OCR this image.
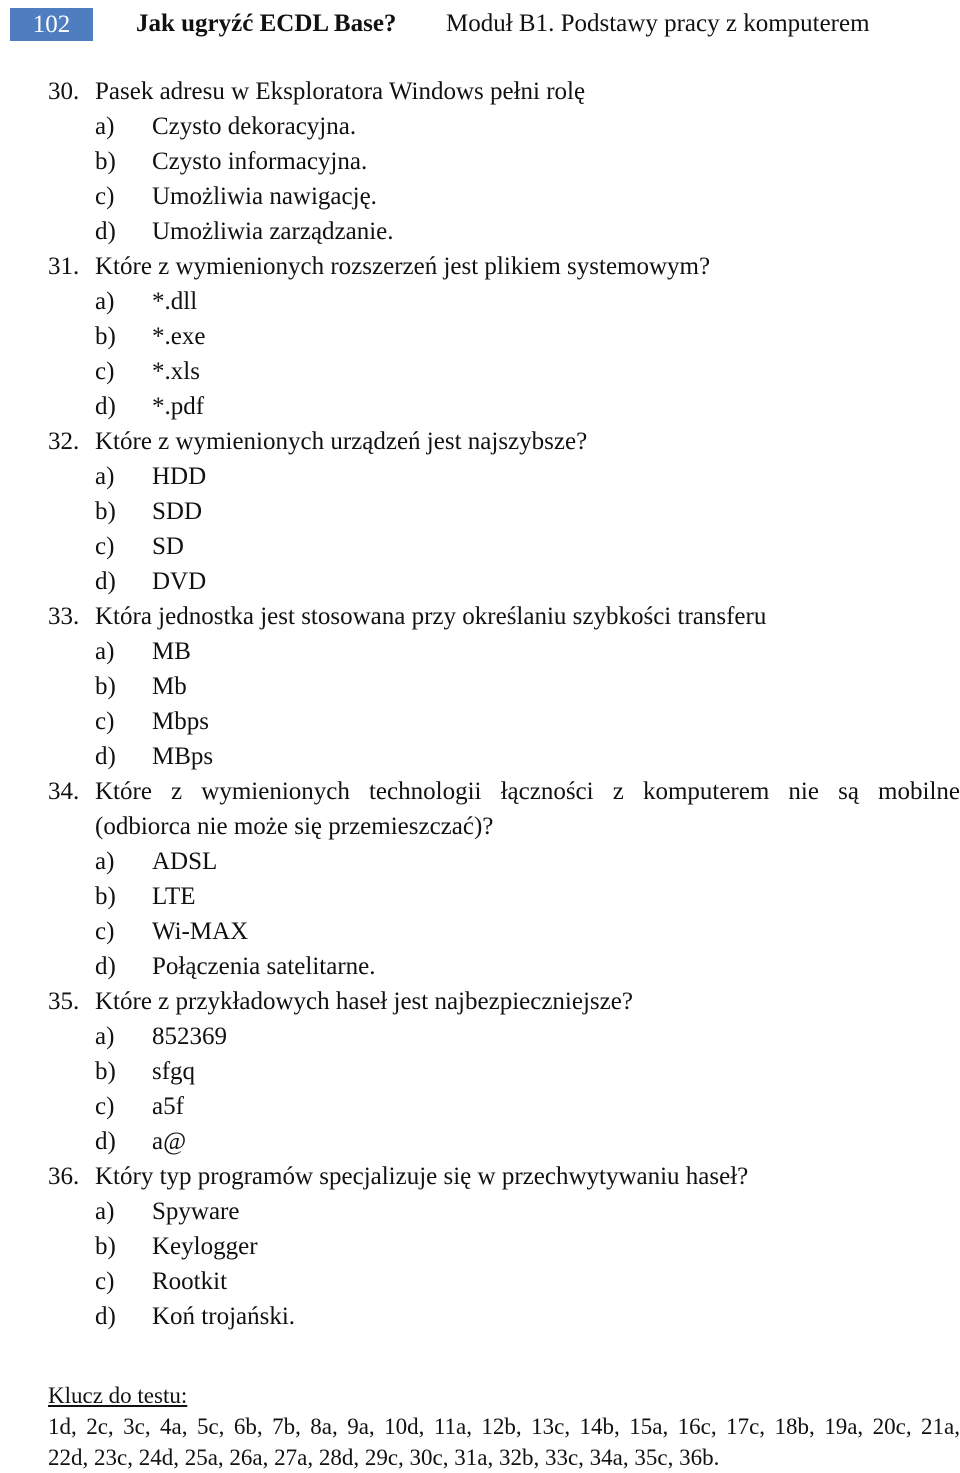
102	Jak ugryźć ECDL Base? Moduł B1. Podstawy pracy z komputerem
30. Pasek adresu w Eksploratora Windows pełni rolę
a) Czysto dekoracyjna.
b) Czysto informacyjna.
c) Umożliwia nawigację.
d) Umożliwia zarządzanie.
31. Które z wymienionych rozszerzeń jest plikiem systemowym?
a) *.dll
b) *.exe
c) *.xls
d) *.pdf
32. Które z wymienionych urządzeń jest najszybsze?
a) HDD
b) SDD
c) SD
d) DVD
33. Która jednostka jest stosowana przy określaniu szybkości transferu
a) MB
b) Mb
c) Mbps
d) MBps
34. Które z wymienionych technologii łączności z komputerem nie są mobilne
(odbiorca nie może się przemieszczać)?
a) ADSL
b) LTE
c) Wi-MAX
d) Połączenia satelitarne.
35. Które z przykładowych haseł jest najbezpieczniejsze?
a) 852369
b) sfgq
c) a5f
d) a@
36. Który typ programów specjalizuje się w przechwytywaniu haseł?
a) Spyware
b) Keylogger
c) Rootkit
d) Koń trojański.
Klucz do testu:
1d, 2c, 3c, 4a, 5c, 6b, 7b, 8a, 9a, 10d, 11a, 12b, 13c, 14b, 15a, 16c, 17c, 18b, 19a, 20c, 21a,
22d, 23c, 24d, 25a, 26a, 27a, 28d, 29c, 30c, 31a, 32b, 33c, 34a, 35c, 36b.
